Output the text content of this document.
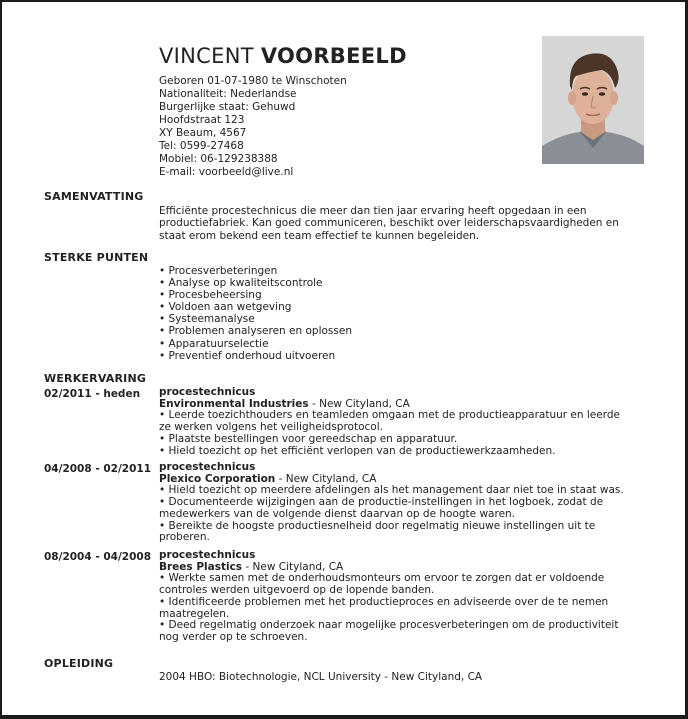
VINCENT VOORBEELD
Geboren 01-07-1980 te Winschoten
Nationaliteit: Nederlandse
Burgerlijke staat: Gehuwd
Hoofdstraat 123
XY Beaum, 4567
Tel: 0599-27468
Mobiel: 06-129238388
E-mail: voorbeeld@live.nl
SAMENVATTING
Efficiënte procestechnicus die meer dan tien jaar ervaring heeft opgedaan in een productiefabriek. Kan goed communiceren, beschikt over leiderschapsvaardigheden en staat erom bekend een team effectief te kunnen begeleiden.
STERKE PUNTEN
• Procesverbeteringen
• Analyse op kwaliteitscontrole
• Procesbeheersing
• Voldoen aan wetgeving
• Systeemanalyse
• Problemen analyseren en oplossen
• Apparatuurselectie
• Preventief onderhoud uitvoeren
WERKERVARING
02/2011 - heden procestechnicus
Environmental Industries - New Cityland, CA
• Leerde toezichthouders en teamleden omgaan met de productieapparatuur en leerde
ze werken volgens het veiligheidsprotocol.
• Plaatste bestellingen voor gereedschap en apparatuur.
• Hield toezicht op het efficiënt verlopen van de productiewerkzaamheden.
04/2008 - 02/2011 procestechnicus
Plexico Corporation - New Cityland, CA
• Hield toezicht op meerdere afdelingen als het management daar niet toe in staat was.
• Documenteerde wijzigingen aan de productie-instellingen in het logboek, zodat de
medewerkers van de volgende dienst daarvan op de hoogte waren.
• Bereikte de hoogste productiesnelheid door regelmatig nieuwe instellingen uit te
proberen.
08/2004 - 04/2008 procestechnicus
Brees Plastics - New Cityland, CA
• Werkte samen met de onderhoudsmonteurs om ervoor te zorgen dat er voldoende
controles werden uitgevoerd op de lopende banden.
• Identificeerde problemen met het productieproces en adviseerde over de te nemen
maatregelen.
• Deed regelmatig onderzoek naar mogelijke procesverbeteringen om de productiviteit
nog verder op te schroeven.
OPLEIDING
2004 HBO: Biotechnologie, NCL University - New Cityland, CA
